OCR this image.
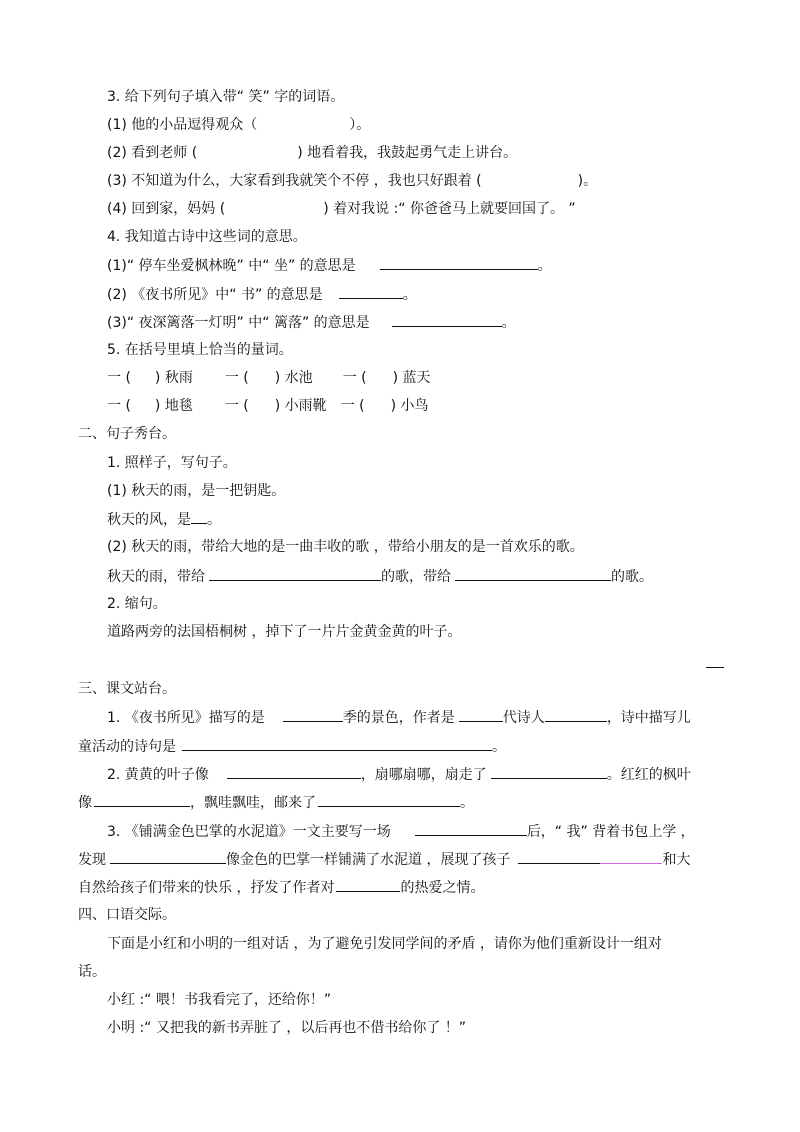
3. 给下列句子填入带“ 笑” 字的词语。
(1) 他的小品逗得观众（	）。
(2) 看到老师 (	) 地看着我，我鼓起勇气走上讲台。
(3) 不知道为什么，大家看到我就笑个不停 ，我也只好跟着 (	)。
(4) 回到家，妈妈 (	) 着对我说 :“ 你爸爸马上就要回国了。 ”
4. 我知道古诗中这些词的意思。
(1)“ 停车坐爱枫林晚” 中“ 坐” 的意思是	。
(2) 《夜书所见》中“ 书” 的意思是	。
(3)“ 夜深篱落一灯明” 中“ 篱落” 的意思是	。
5. 在括号里填上恰当的量词。
一 ( ) 秋雨 一 ( ) 水池 一 ( ) 蓝天
一 ( ) 地毯 一 ( ) 小雨靴 一 ( ) 小鸟
二、句子秀台。
1. 照样子，写句子。
(1) 秋天的雨，是一把钥匙。
秋天的风，是 。
(2) 秋天的雨，带给大地的是一曲丰收的歌 ，带给小朋友的是一首欢乐的歌。
秋天的雨，带给	的歌，带给	的歌。
2. 缩句。
道路两旁的法国梧桐树 ，掉下了一片片金黄金黄的叶子。
三、课文站台。
1. 《夜书所见》描写的是	季的景色，作者是	代诗人	，诗中描写儿
童活动的诗句是	。
2. 黄黄的叶子像	，扇哪扇哪，扇走了	。红红的枫叶
像	，飘哇飘哇，邮来了	。
3. 《铺满金色巴掌的水泥道》一文主要写一场	后，“ 我” 背着书包上学 ，
发现	像金色的巴掌一样铺满了水泥道 ，展现了孩子	和大
自然给孩子们带来的快乐 ，抒发了作者对	的热爱之情。
四、口语交际。
下面是小红和小明的一组对话 ，为了避免引发同学间的矛盾 ，请你为他们重新设计一组对
话。
小红 :“ 喂！书我看完了，还给你！”
小明 :“ 又把我的新书弄脏了 ，以后再也不借书给你了 ！”
